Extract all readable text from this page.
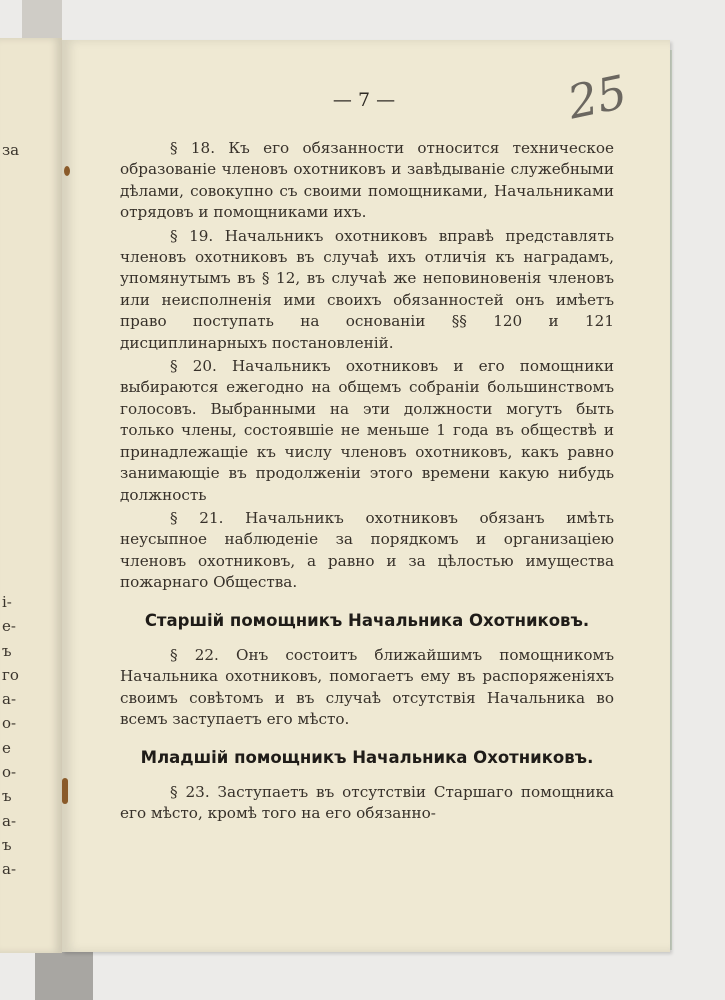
за
і-
е-
ъ
го
а-
о-
е
о-
ъ
а-
ъ
а-
— 7 —	25

§ 18. Къ его обязанности относится техническое образованіе членовъ охотниковъ и завѣдываніе служебными дѣлами, совокупно съ своими помощниками, Начальниками отрядовъ и помощниками ихъ.

§ 19. Начальникъ охотниковъ вправѣ представлять членовъ охотниковъ въ случаѣ ихъ отличія къ наградамъ, упомянутымъ въ § 12, въ случаѣ же неповиновенія членовъ или неисполненія ими своихъ обязанностей онъ имѣетъ право поступать на основаніи §§ 120 и 121 дисциплинарныхъ постановленій.

§ 20. Начальникъ охотниковъ и его помощники выбираются ежегодно на общемъ собраніи большинствомъ голосовъ. Выбранными на эти должности могутъ быть только члены, состоявшіе не меньше 1 года въ обществѣ и принадлежащіе къ числу членовъ охотниковъ, какъ равно занимающіе въ продолженіи этого времени какую нибудь должность

§ 21. Начальникъ охотниковъ обязанъ имѣть неусыпное наблюденіе за порядкомъ и организаціею членовъ охотниковъ, а равно и за цѣлостью имущества пожарнаго Общества.

Старшій помощникъ Начальника Охотниковъ.

§ 22. Онъ состоитъ ближайшимъ помощникомъ Начальника охотниковъ, помогаетъ ему въ распоряженіяхъ своимъ совѣтомъ и въ случаѣ отсутствія Начальника во всемъ заступаетъ его мѣсто.

Младшій помощникъ Начальника Охотниковъ.

§ 23. Заступаетъ въ отсутствіи Старшаго помощника его мѣсто, кромѣ того на его обязанно-
